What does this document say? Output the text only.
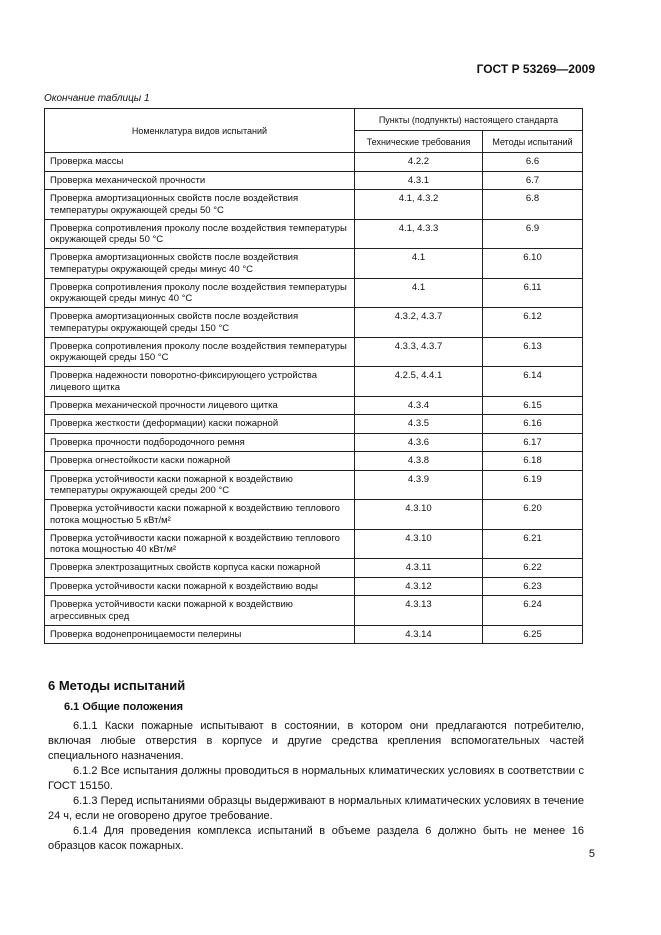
ГОСТ Р 53269—2009
Окончание таблицы 1
Номенклатура видов испытаний	Пункты (подпункты) настоящего стандарта	
	Технические требования	Методы испытаний
Проверка массы	4.2.2	6.6
Проверка механической прочности	4.3.1	6.7
Проверка амортизационных свойств после воздействия температуры окружающей среды 50 °С	4.1, 4.3.2	6.8
Проверка сопротивления проколу после воздействия температуры окружающей среды 50 °С	4.1, 4.3.3	6.9
Проверка амортизационных свойств после воздействия температуры окружающей среды минус 40 °С	4.1	6.10
Проверка сопротивления проколу после воздействия температуры окружающей среды минус 40 °С	4.1	6.11
Проверка амортизационных свойств после воздействия температуры окружающей среды 150 °С	4.3.2, 4.3.7	6.12
Проверка сопротивления проколу после воздействия температуры окружающей среды 150 °С	4.3.3, 4.3.7	6.13
Проверка надежности поворотно-фиксирующего устройства лицевого щитка	4.2.5, 4.4.1	6.14
Проверка механической прочности лицевого щитка	4.3.4	6.15
Проверка жесткости (деформации) каски пожарной	4.3.5	6.16
Проверка прочности подбородочного ремня	4.3.6	6.17
Проверка огнестойкости каски пожарной	4.3.8	6.18
Проверка устойчивости каски пожарной к воздействию температуры окружающей среды 200 °С	4.3.9	6.19
Проверка устойчивости каски пожарной к воздействию теплового потока мощностью 5 кВт/м²	4.3.10	6.20
Проверка устойчивости каски пожарной к воздействию теплового потока мощностью 40 кВт/м²	4.3.10	6.21
Проверка электрозащитных свойств корпуса каски пожарной	4.3.11	6.22
Проверка устойчивости каски пожарной к воздействию воды	4.3.12	6.23
Проверка устойчивости каски пожарной к воздействию агрессивных сред	4.3.13	6.24
Проверка водонепроницаемости пелерины	4.3.14	6.25
6 Методы испытаний
6.1 Общие положения

6.1.1 Каски пожарные испытывают в состоянии, в котором они предлагаются потребителю, включая любые отверстия в корпусе и другие средства крепления вспомогательных частей специального назначения.

6.1.2 Все испытания должны проводиться в нормальных климатических условиях в соответствии с ГОСТ 15150.

6.1.3 Перед испытаниями образцы выдерживают в нормальных климатических условиях в течение 24 ч, если не оговорено другое требование.

6.1.4 Для проведения комплекса испытаний в объеме раздела 6 должно быть не менее 16 образцов касок пожарных.

5
